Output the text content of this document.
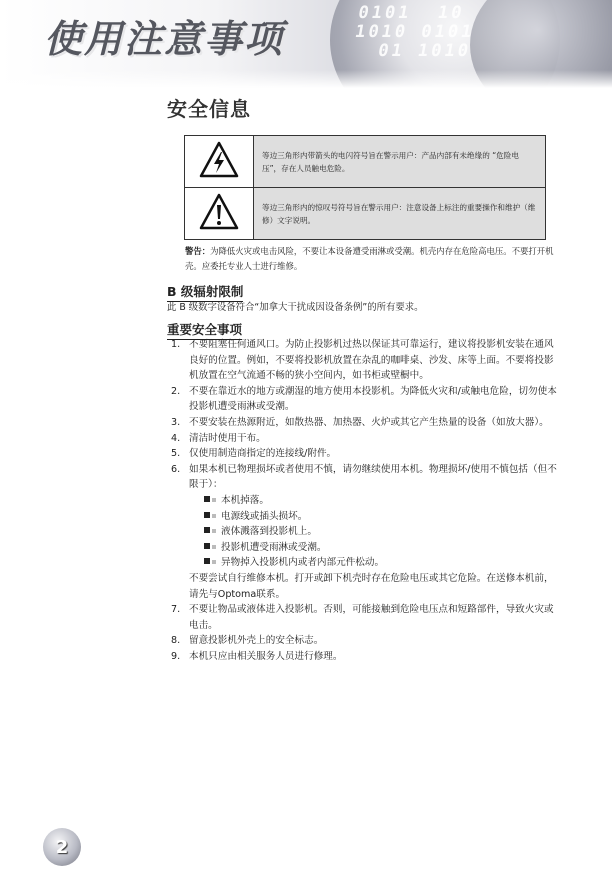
0101  10
1010 0101
01 1010
使用注意事项
安全信息
	等边三角形内带箭头的电闪符号旨在警示用户：产品内部有未绝缘的 “危险电压”，存在人员触电危险。
	等边三角形内的惊叹号符号旨在警示用户：注意设备上标注的重要操作和维护（维修）文字说明。
警告：为降低火灾或电击风险，不要让本设备遭受雨淋或受潮。机壳内存在危险高电压。不要打开机壳。应委托专业人士进行维修。
B 级辐射限制
此 B 级数字设备符合“加拿大干扰成因设备条例”的所有要求。
重要安全事项
1. 不要阻塞任何通风口。为防止投影机过热以保证其可靠运行，建议将投影机安装在通风良好的位置。例如，不要将投影机放置在杂乱的咖啡桌、沙发、床等上面。不要将投影机放置在空气流通不畅的狭小空间内，如书柜或壁橱中。
2. 不要在靠近水的地方或潮湿的地方使用本投影机。为降低火灾和/或触电危险，切勿使本投影机遭受雨淋或受潮。
3. 不要安装在热源附近，如散热器、加热器、火炉或其它产生热量的设备（如放大器）。
4. 清洁时使用干布。
5. 仅使用制造商指定的连接线/附件。
6. 如果本机已物理损坏或者使用不慎，请勿继续使用本机。物理损坏/使用不慎包括（但不限于）：
本机掉落。
电源线或插头损坏。
液体溅落到投影机上。
投影机遭受雨淋或受潮。
异物掉入投影机内或者内部元件松动。
不要尝试自行维修本机。打开或卸下机壳时存在危险电压或其它危险。在送修本机前，请先与Optoma联系。
7. 不要让物品或液体进入投影机。否则，可能接触到危险电压点和短路部件，导致火灾或电击。
8. 留意投影机外壳上的安全标志。
9. 本机只应由相关服务人员进行修理。
2
